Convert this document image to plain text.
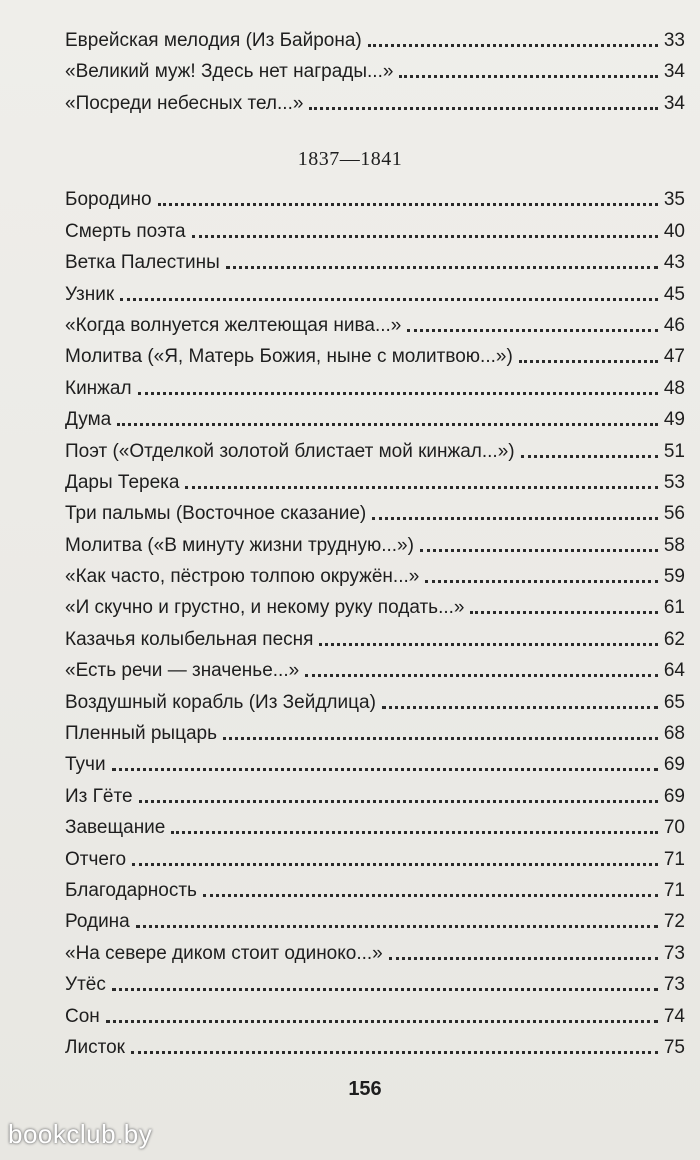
Еврейская мелодия (Из Байрона)	33
«Великий муж! Здесь нет награды...»	34
«Посреди небесных тел...»	34
1837—1841
Бородино	35
Смерть поэта	40
Ветка Палестины	43
Узник	45
«Когда волнуется желтеющая нива...»	46
Молитва («Я, Матерь Божия, ныне с молитвою...»)	47
Кинжал	48
Дума	49
Поэт («Отделкой золотой блистает мой кинжал...»)	51
Дары Терека	53
Три пальмы (Восточное сказание)	56
Молитва («В минуту жизни трудную...»)	58
«Как часто, пёстрою толпою окружён...»	59
«И скучно и грустно, и некому руку подать...»	61
Казачья колыбельная песня	62
«Есть речи — значенье...»	64
Воздушный корабль (Из Зейдлица)	65
Пленный рыцарь	68
Тучи	69
Из Гёте	69
Завещание	70
Отчего	71
Благодарность	71
Родина	72
«На севере диком стоит одиноко...»	73
Утёс	73
Сон	74
Листок	75
156
bookclub.by
